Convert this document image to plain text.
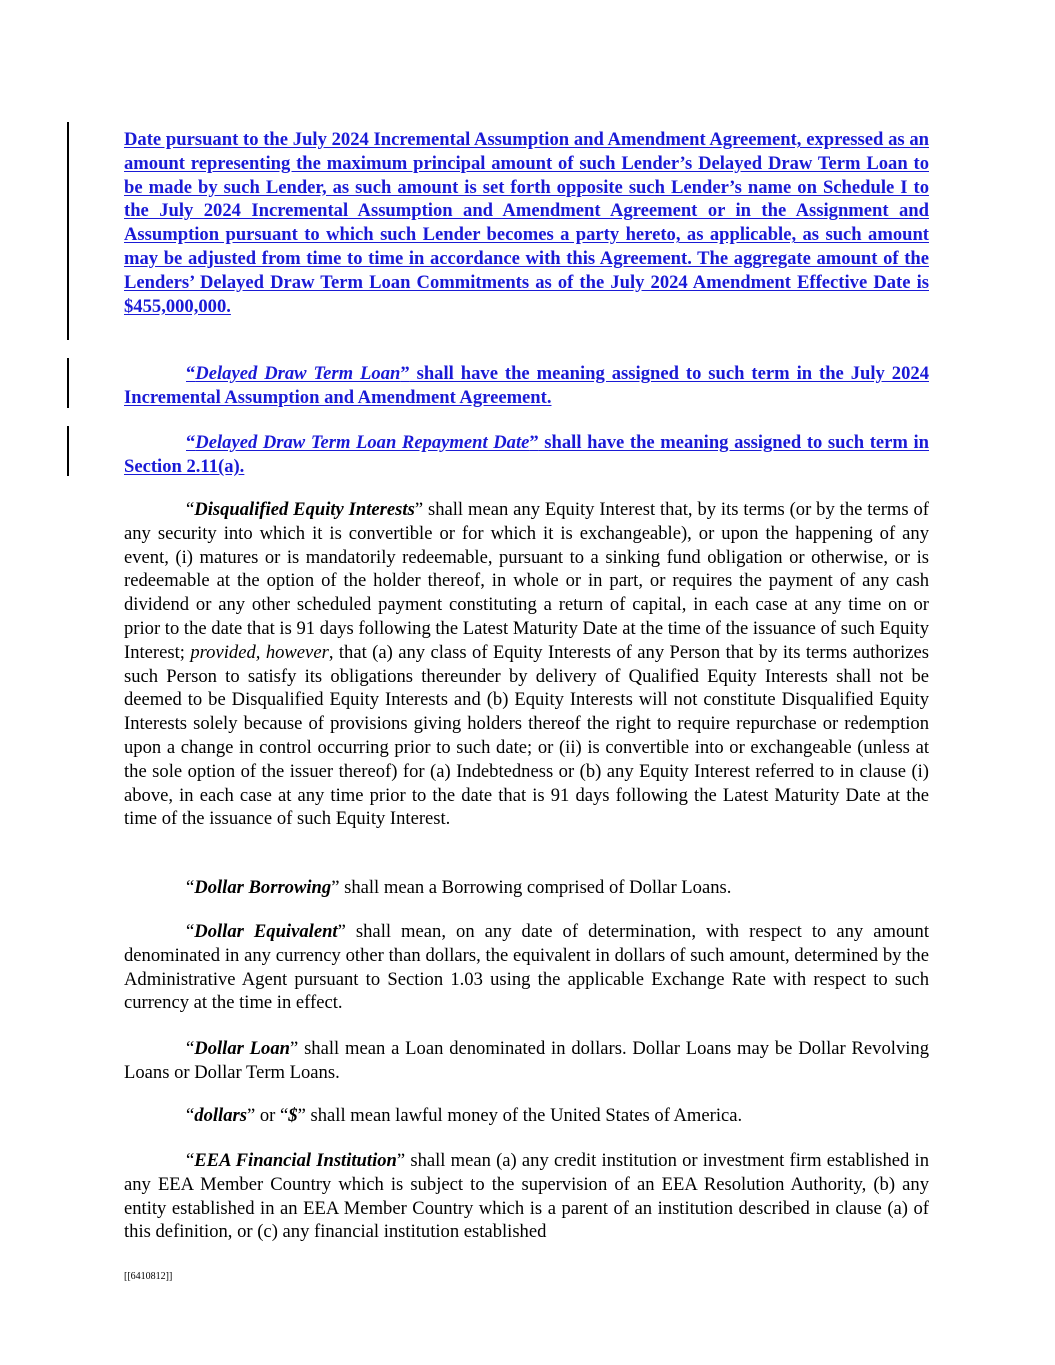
Date pursuant to the July 2024 Incremental Assumption and Amendment Agreement, expressed as an amount representing the maximum principal amount of such Lender’s Delayed Draw Term Loan to be made by such Lender, as such amount is set forth opposite such Lender’s name on Schedule I to the July 2024 Incremental Assumption and Amendment Agreement or in the Assignment and Assumption pursuant to which such Lender becomes a party hereto, as applicable, as such amount may be adjusted from time to time in accordance with this Agreement. The aggregate amount of the Lenders’ Delayed Draw Term Loan Commitments as of the July 2024 Amendment Effective Date is $455,000,000.

“Delayed Draw Term Loan” shall have the meaning assigned to such term in the July 2024 Incremental Assumption and Amendment Agreement.

“Delayed Draw Term Loan Repayment Date” shall have the meaning assigned to such term in Section 2.11(a).

“Disqualified Equity Interests” shall mean any Equity Interest that, by its terms (or by the terms of any security into which it is convertible or for which it is exchangeable), or upon the happening of any event, (i) matures or is mandatorily redeemable, pursuant to a sinking fund obligation or otherwise, or is redeemable at the option of the holder thereof, in whole or in part, or requires the payment of any cash dividend or any other scheduled payment constituting a return of capital, in each case at any time on or prior to the date that is 91 days following the Latest Maturity Date at the time of the issuance of such Equity Interest; provided, however, that (a) any class of Equity Interests of any Person that by its terms authorizes such Person to satisfy its obligations thereunder by delivery of Qualified Equity Interests shall not be deemed to be Disqualified Equity Interests and (b) Equity Interests will not constitute Disqualified Equity Interests solely because of provisions giving holders thereof the right to require repurchase or redemption upon a change in control occurring prior to such date; or (ii) is convertible into or exchangeable (unless at the sole option of the issuer thereof) for (a) Indebtedness or (b) any Equity Interest referred to in clause (i) above, in each case at any time prior to the date that is 91 days following the Latest Maturity Date at the time of the issuance of such Equity Interest.

“Dollar Borrowing” shall mean a Borrowing comprised of Dollar Loans.

“Dollar Equivalent” shall mean, on any date of determination, with respect to any amount denominated in any currency other than dollars, the equivalent in dollars of such amount, determined by the Administrative Agent pursuant to Section 1.03 using the applicable Exchange Rate with respect to such currency at the time in effect.

“Dollar Loan” shall mean a Loan denominated in dollars. Dollar Loans may be Dollar Revolving Loans or Dollar Term Loans.

“dollars” or “$” shall mean lawful money of the United States of America.

“EEA Financial Institution” shall mean (a) any credit institution or investment firm established in any EEA Member Country which is subject to the supervision of an EEA Resolution Authority, (b) any entity established in an EEA Member Country which is a parent of an institution described in clause (a) of this definition, or (c) any financial institution established

[[6410812]]
